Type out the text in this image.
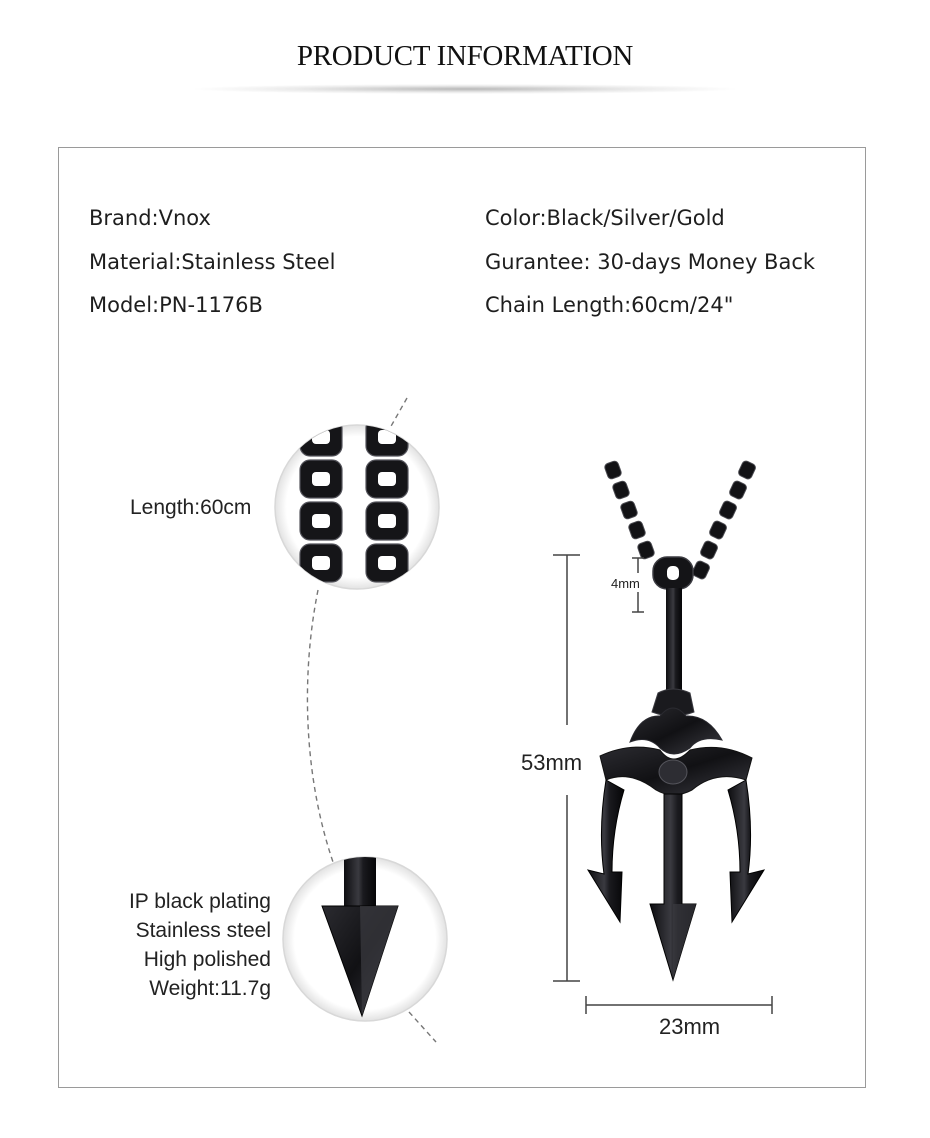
PRODUCT INFORMATION
Brand:Vnox
Material:Stainless Steel
Model:PN-1176B
Color:Black/Silver/Gold
Gurantee: 30-days Money Back
Chain Length:60cm/24"
53mm
23mm
4mm
Length:60cm
IP black plating
Stainless steel
High polished
Weight:11.7g
